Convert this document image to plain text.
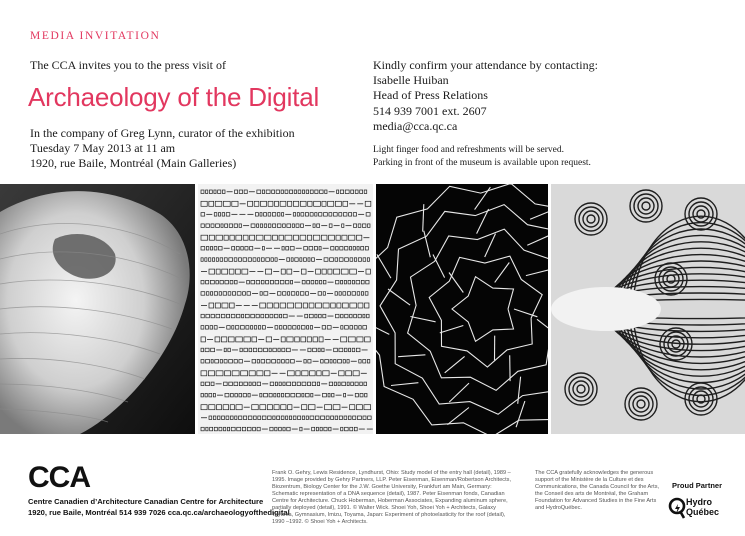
MEDIA INVITATION
The CCA invites you to the press visit of
Archaeology of the Digital
In the company of Greg Lynn, curator of the exhibition
Tuesday 7 May 2013 at 11 am
1920, rue Baile, Montréal (Main Galleries)
Kindly confirm your attendance by contacting:
Isabelle Huiban
Head of Press Relations
514 939 7001 ext. 2607
media@cca.qc.ca
Light finger food and refreshments will be served.
Parking in front of the museum is available upon request.
CCA
Centre Canadien d’Architecture Canadian Centre for Architecture
1920, rue Baile, Montréal 514 939 7026 cca.qc.ca/archaeologyofthedigital
Frank O. Gehry, Lewis Residence, Lyndhurst, Ohio: Study model of the entry hall (detail), 1989 –1995. Image provided by Gehry Partners, LLP. Peter Eisenman, Eisenman/Robertson Architects, Biozentrum, Biology Center for the J.W. Goethe University, Frankfurt am Main, Germany: Schematic representation of a DNA sequence (detail), 1987. Peter Eisenman fonds, Canadian Centre for Architecture. Chuck Hoberman, Hoberman Associates, Expanding aluminum sphere, partially deployed (detail), 1991. © Walter Wick. Shoei Yoh, Shoei Yoh + Architects, Galaxy Toyama, Gymnasium, Imizu, Toyama, Japan: Experiment of photoelasticity for the roof (detail), 1990 –1992. © Shoei Yoh + Architects.
The CCA gratefully acknowledges the generous support of the Ministère de la Culture et des Communications, the Canada Council for the Arts, the Conseil des arts de Montréal, the Graham Foundation for Advanced Studies in the Fine Arts and HydroQuébec.
Proud Partner
Hydro
Québec
